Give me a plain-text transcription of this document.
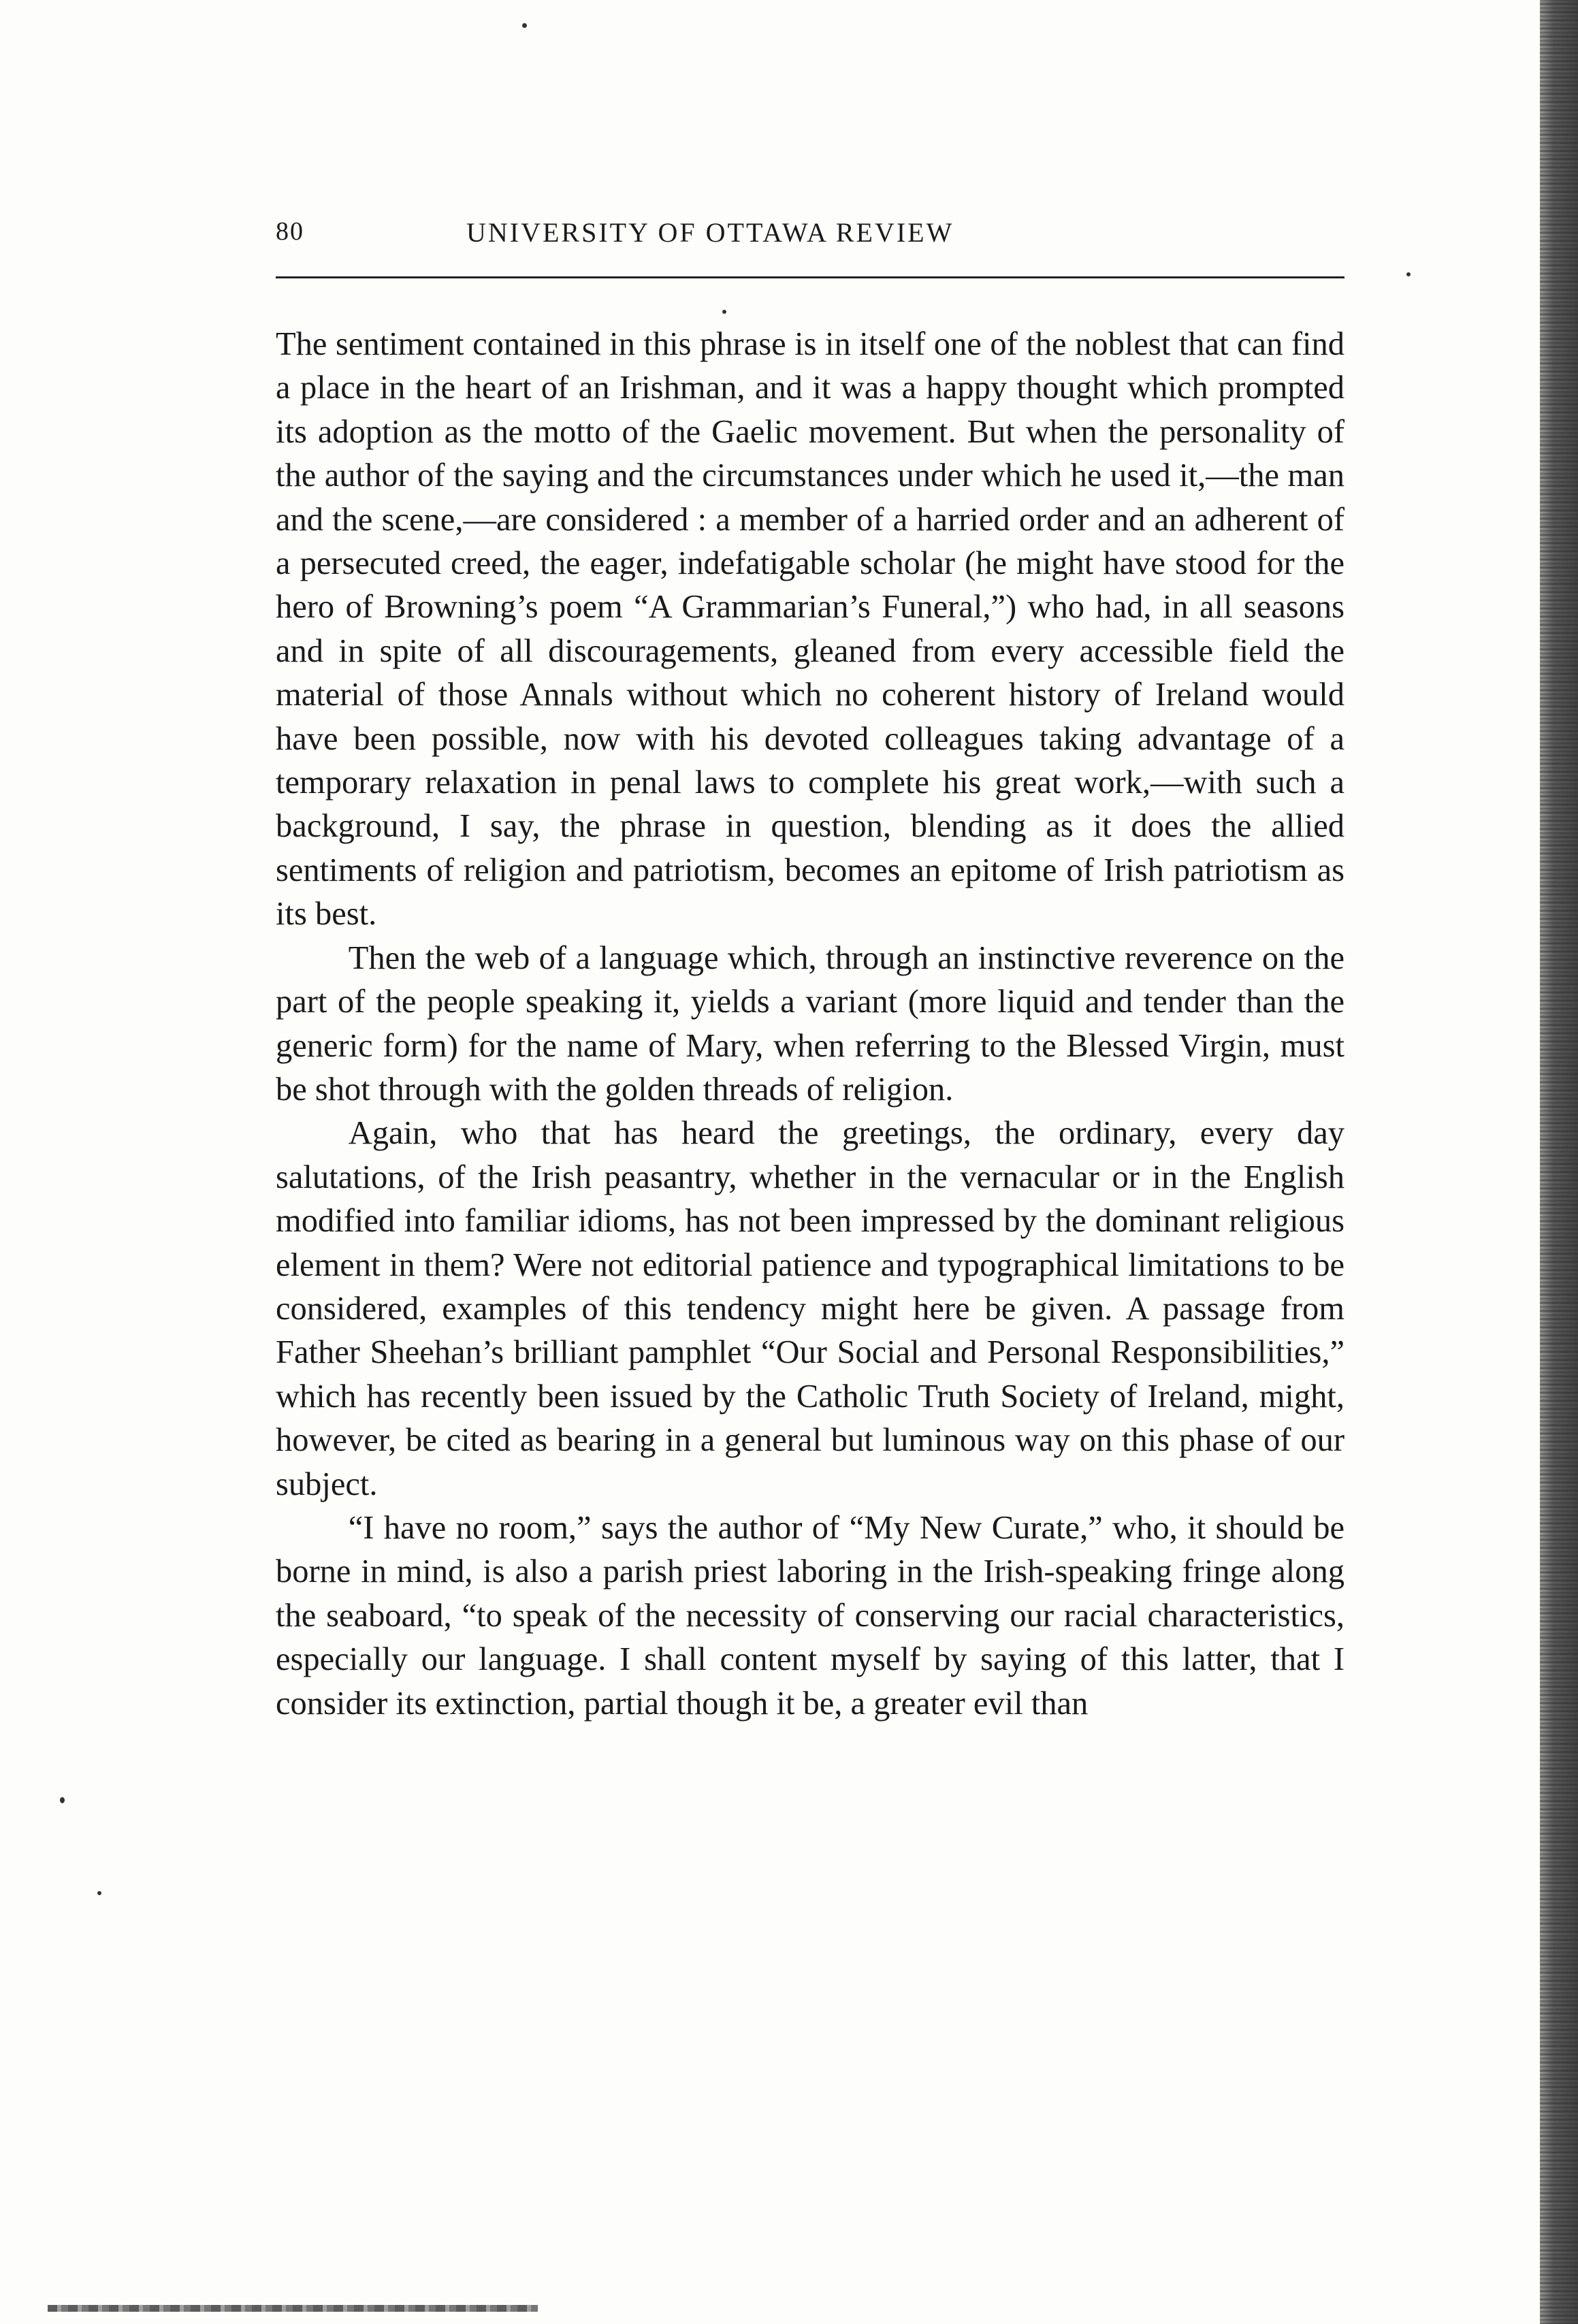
80	UNIVERSITY OF OTTAWA REVIEW

The sentiment contained in this phrase is in itself one of the noblest that can find a place in the heart of an Irishman, and it was a happy thought which prompted its adoption as the motto of the Gaelic movement. But when the personality of the author of the saying and the circumstances under which he used it,—the man and the scene,—are considered : a member of a harried order and an adherent of a persecuted creed, the eager, indefatigable scholar (he might have stood for the hero of Browning’s poem “A Grammarian’s Funeral,”) who had, in all seasons and in spite of all discouragements, gleaned from every accessible field the material of those Annals without which no coherent history of Ireland would have been possible, now with his devoted colleagues taking advantage of a temporary relaxation in penal laws to complete his great work,—with such a background, I say, the phrase in question, blending as it does the allied sentiments of religion and patriotism, becomes an epitome of Irish patriotism as its best.

Then the web of a language which, through an instinctive reverence on the part of the people speaking it, yields a variant (more liquid and tender than the generic form) for the name of Mary, when referring to the Blessed Virgin, must be shot through with the golden threads of religion.

Again, who that has heard the greetings, the ordinary, every day salutations, of the Irish peasantry, whether in the vernacular or in the English modified into familiar idioms, has not been impressed by the dominant religious element in them? Were not editorial patience and typographical limitations to be considered, examples of this tendency might here be given. A passage from Father Sheehan’s brilliant pamphlet “Our Social and Personal Responsibilities,” which has recently been issued by the Catholic Truth Society of Ireland, might, however, be cited as bearing in a general but luminous way on this phase of our subject.

“I have no room,” says the author of “My New Curate,” who, it should be borne in mind, is also a parish priest laboring in the Irish-speaking fringe along the seaboard, “to speak of the necessity of conserving our racial characteristics, especially our language. I shall content myself by saying of this latter, that I consider its extinction, partial though it be, a greater evil than
